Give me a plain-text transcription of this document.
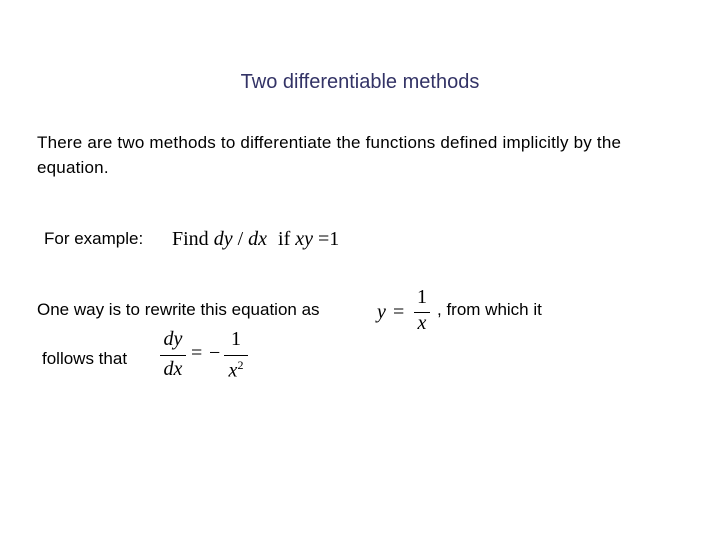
Two differentiable methods
There are two methods to differentiate the functions defined implicitly by the equation.
For example: Find dy / dx if xy =1
One way is to rewrite this equation as	y =
1
x
, from which it
follows that
dy
dx
= −
1
$x^2$
